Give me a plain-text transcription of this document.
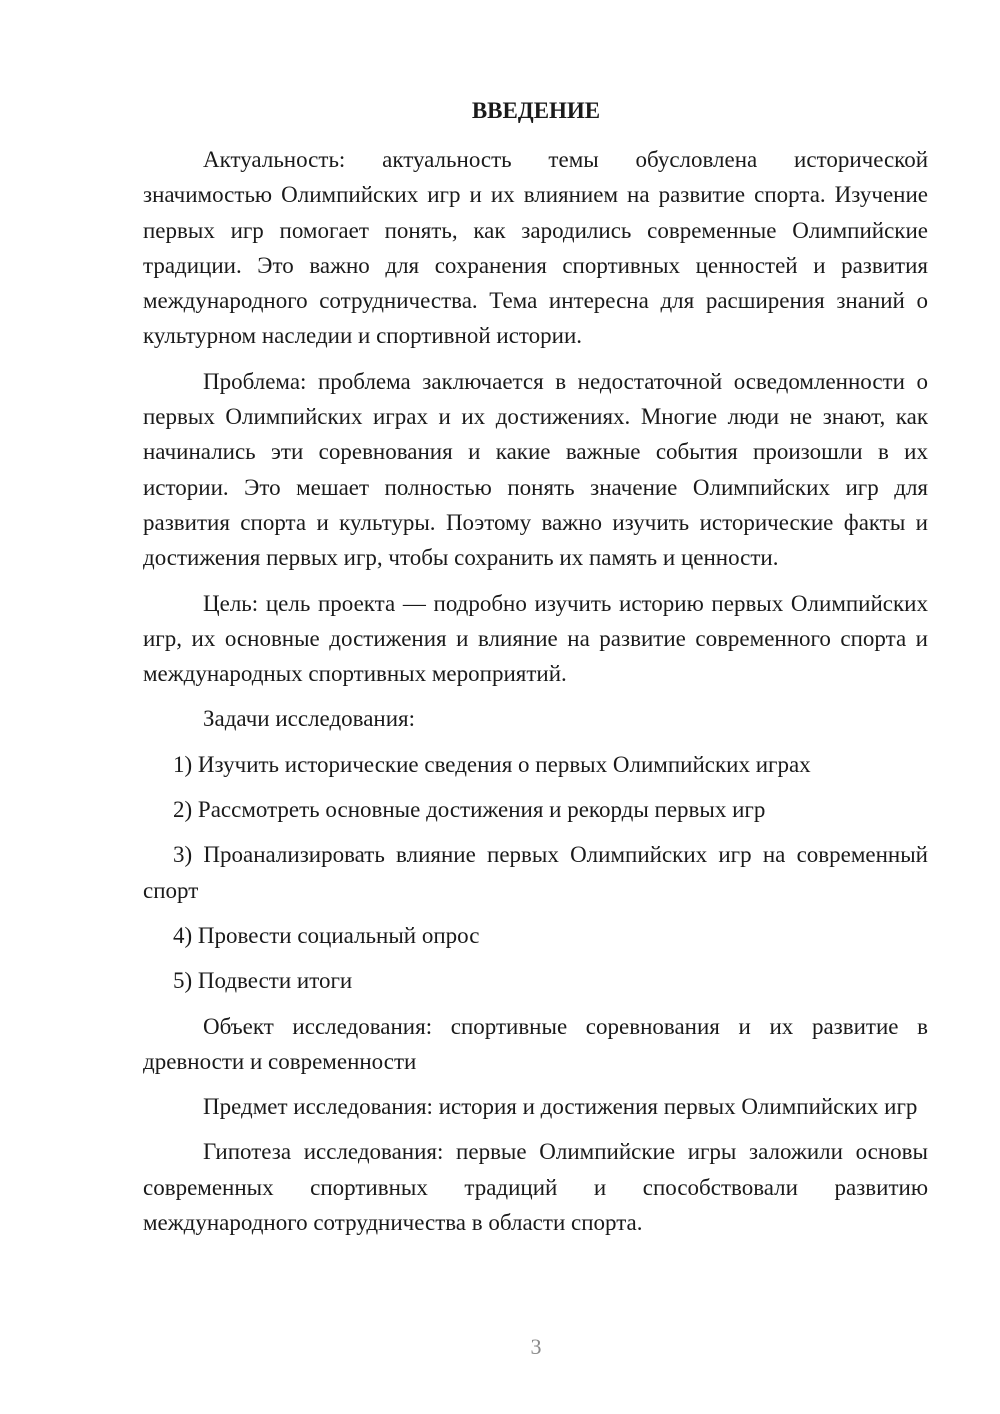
ВВЕДЕНИЕ

Актуальность: актуальность темы обусловлена исторической значимостью Олимпийских игр и их влиянием на развитие спорта. Изучение первых игр помогает понять, как зародились современные Олимпийские традиции. Это важно для сохранения спортивных ценностей и развития международного сотрудничества. Тема интересна для расширения знаний о культурном наследии и спортивной истории.

Проблема: проблема заключается в недостаточной осведомленности о первых Олимпийских играх и их достижениях. Многие люди не знают, как начинались эти соревнования и какие важные события произошли в их истории. Это мешает полностью понять значение Олимпийских игр для развития спорта и культуры. Поэтому важно изучить исторические факты и достижения первых игр, чтобы сохранить их память и ценности.

Цель: цель проекта — подробно изучить историю первых Олимпийских игр, их основные достижения и влияние на развитие современного спорта и международных спортивных мероприятий.

Задачи исследования:

1) Изучить исторические сведения о первых Олимпийских играх

2) Рассмотреть основные достижения и рекорды первых игр

3) Проанализировать влияние первых Олимпийских игр на современный спорт

4) Провести социальный опрос

5) Подвести итоги

Объект исследования: спортивные соревнования и их развитие в древности и современности

Предмет исследования: история и достижения первых Олимпийских игр

Гипотеза исследования: первые Олимпийские игры заложили основы современных спортивных традиций и способствовали развитию международного сотрудничества в области спорта.

3
